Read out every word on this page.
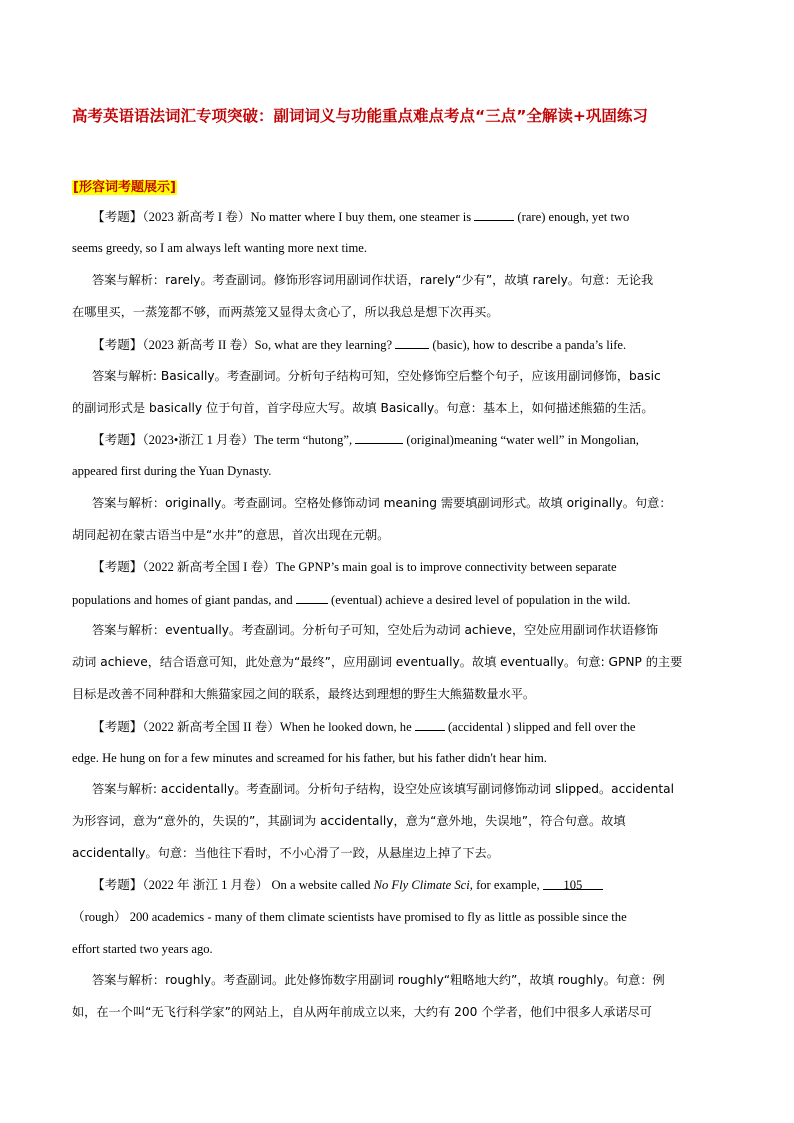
高考英语语法词汇专项突破：副词词义与功能重点难点考点“三点”全解读+巩固练习
[形容词考题展示]
【考题】（2023 新高考 I 卷）No matter where I buy them, one steamer is	(rare) enough, yet two
seems greedy, so I am always left wanting more next time.
答案与解析：rarely。考查副词。修饰形容词用副词作状语，rarely“少有”，故填 rarely。句意：无论我
在哪里买，一蒸笼都不够，而两蒸笼又显得太贪心了，所以我总是想下次再买。
【考题】（2023 新高考 II 卷）So, what are they learning?	(basic), how to describe a panda’s life.
答案与解析: Basically。考查副词。分析句子结构可知，空处修饰空后整个句子，应该用副词修饰，basic
的副词形式是 basically 位于句首，首字母应大写。故填 Basically。句意：基本上，如何描述熊猫的生活。
【考题】（2023•浙江 1 月卷）The term “hutong”,	(original)meaning “water well” in Mongolian,
appeared first during the Yuan Dynasty.
答案与解析：originally。考查副词。空格处修饰动词 meaning 需要填副词形式。故填 originally。句意：
胡同起初在蒙古语当中是“水井”的意思，首次出现在元朝。
【考题】（2022 新高考全国 I 卷）The GPNP’s main goal is to improve connectivity between separate
populations and homes of giant pandas, and	(eventual) achieve a desired level of population in the wild.
答案与解析：eventually。考查副词。分析句子可知，空处后为动词 achieve，空处应用副词作状语修饰
动词 achieve，结合语意可知，此处意为“最终”，应用副词 eventually。故填 eventually。句意: GPNP 的主要
目标是改善不同种群和大熊猫家园之间的联系，最终达到理想的野生大熊猫数量水平。
【考题】（2022 新高考全国 II 卷）When he looked down, he  (accidental ) slipped and fell over the
edge. He hung on for a few minutes and screamed for his father, but his father didn't hear him.
答案与解析: accidentally。考查副词。分析句子结构，设空处应该填写副词修饰动词 slipped。accidental
为形容词，意为“意外的，失误的”，其副词为 accidentally，意为“意外地，失误地”，符合句意。故填
accidentally。句意：当他往下看时，不小心滑了一跤，从悬崖边上掉了下去。
【考题】（2022 年 浙江 1 月卷） On a website called No Fly Climate Sci, for example, 105
（rough） 200 academics - many of them climate scientists have promised to fly as little as possible since the
effort started two years ago.
答案与解析：roughly。考查副词。此处修饰数字用副词 roughly“粗略地大约”，故填 roughly。句意：例
如，在一个叫“无飞行科学家”的网站上，自从两年前成立以来，大约有 200 个学者，他们中很多人承诺尽可
